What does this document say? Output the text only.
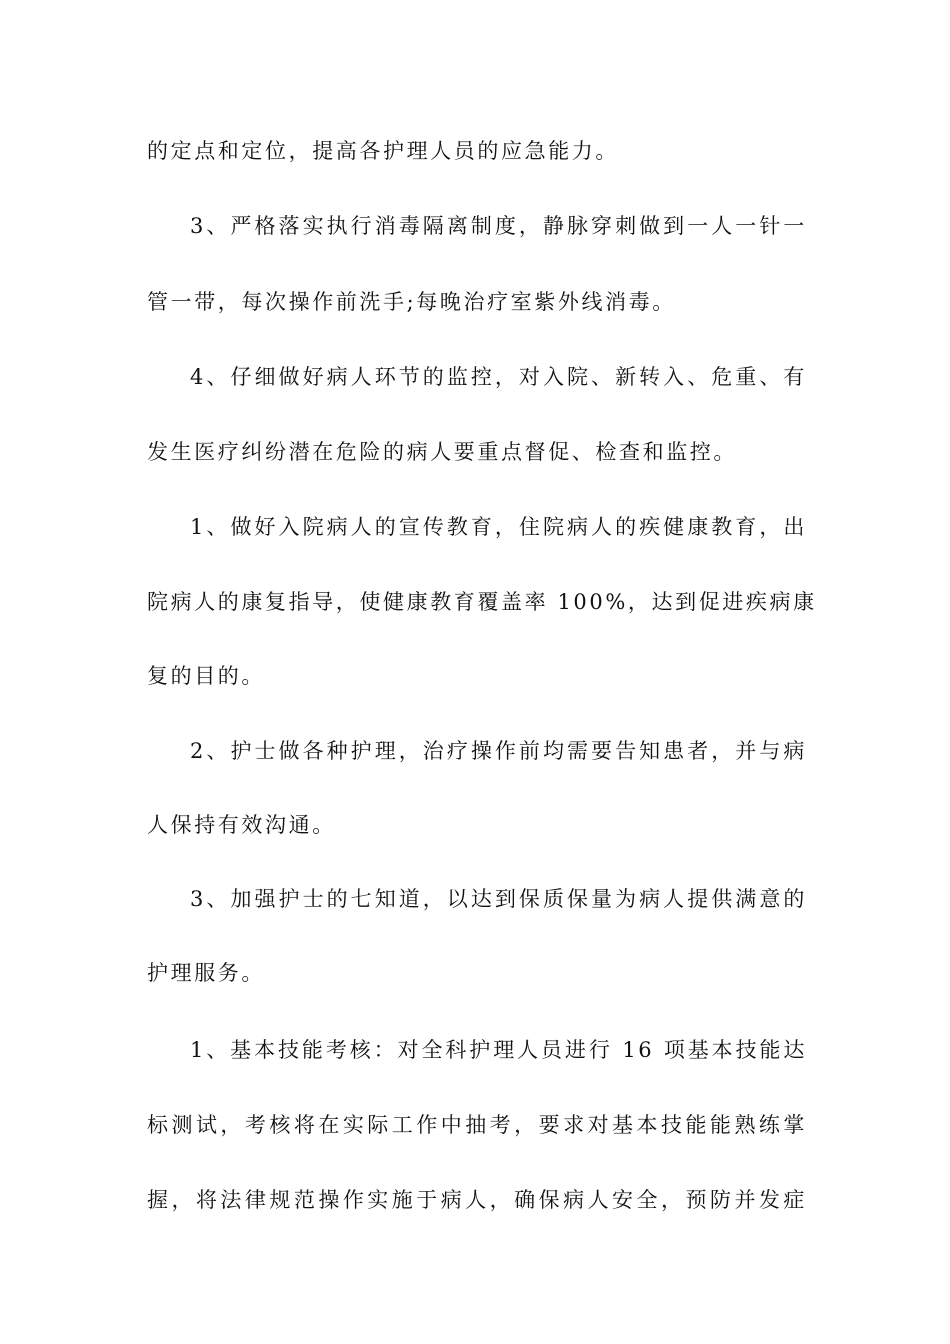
的定点和定位，提高各护理人员的应急能力。
3、严格落实执行消毒隔离制度，静脉穿刺做到一人一针一
管一带，每次操作前洗手;每晚治疗室紫外线消毒。
4、仔细做好病人环节的监控，对入院、新转入、危重、有
发生医疗纠纷潜在危险的病人要重点督促、检查和监控。
1、做好入院病人的宣传教育，住院病人的疾健康教育，出
院病人的康复指导，使健康教育覆盖率 100%，达到促进疾病康
复的目的。
2、护士做各种护理，治疗操作前均需要告知患者，并与病
人保持有效沟通。
3、加强护士的七知道，以达到保质保量为病人提供满意的
护理服务。
1、基本技能考核：对全科护理人员进行 16 项基本技能达
标测试，考核将在实际工作中抽考，要求对基本技能能熟练掌
握，将法律规范操作实施于病人，确保病人安全，预防并发症
